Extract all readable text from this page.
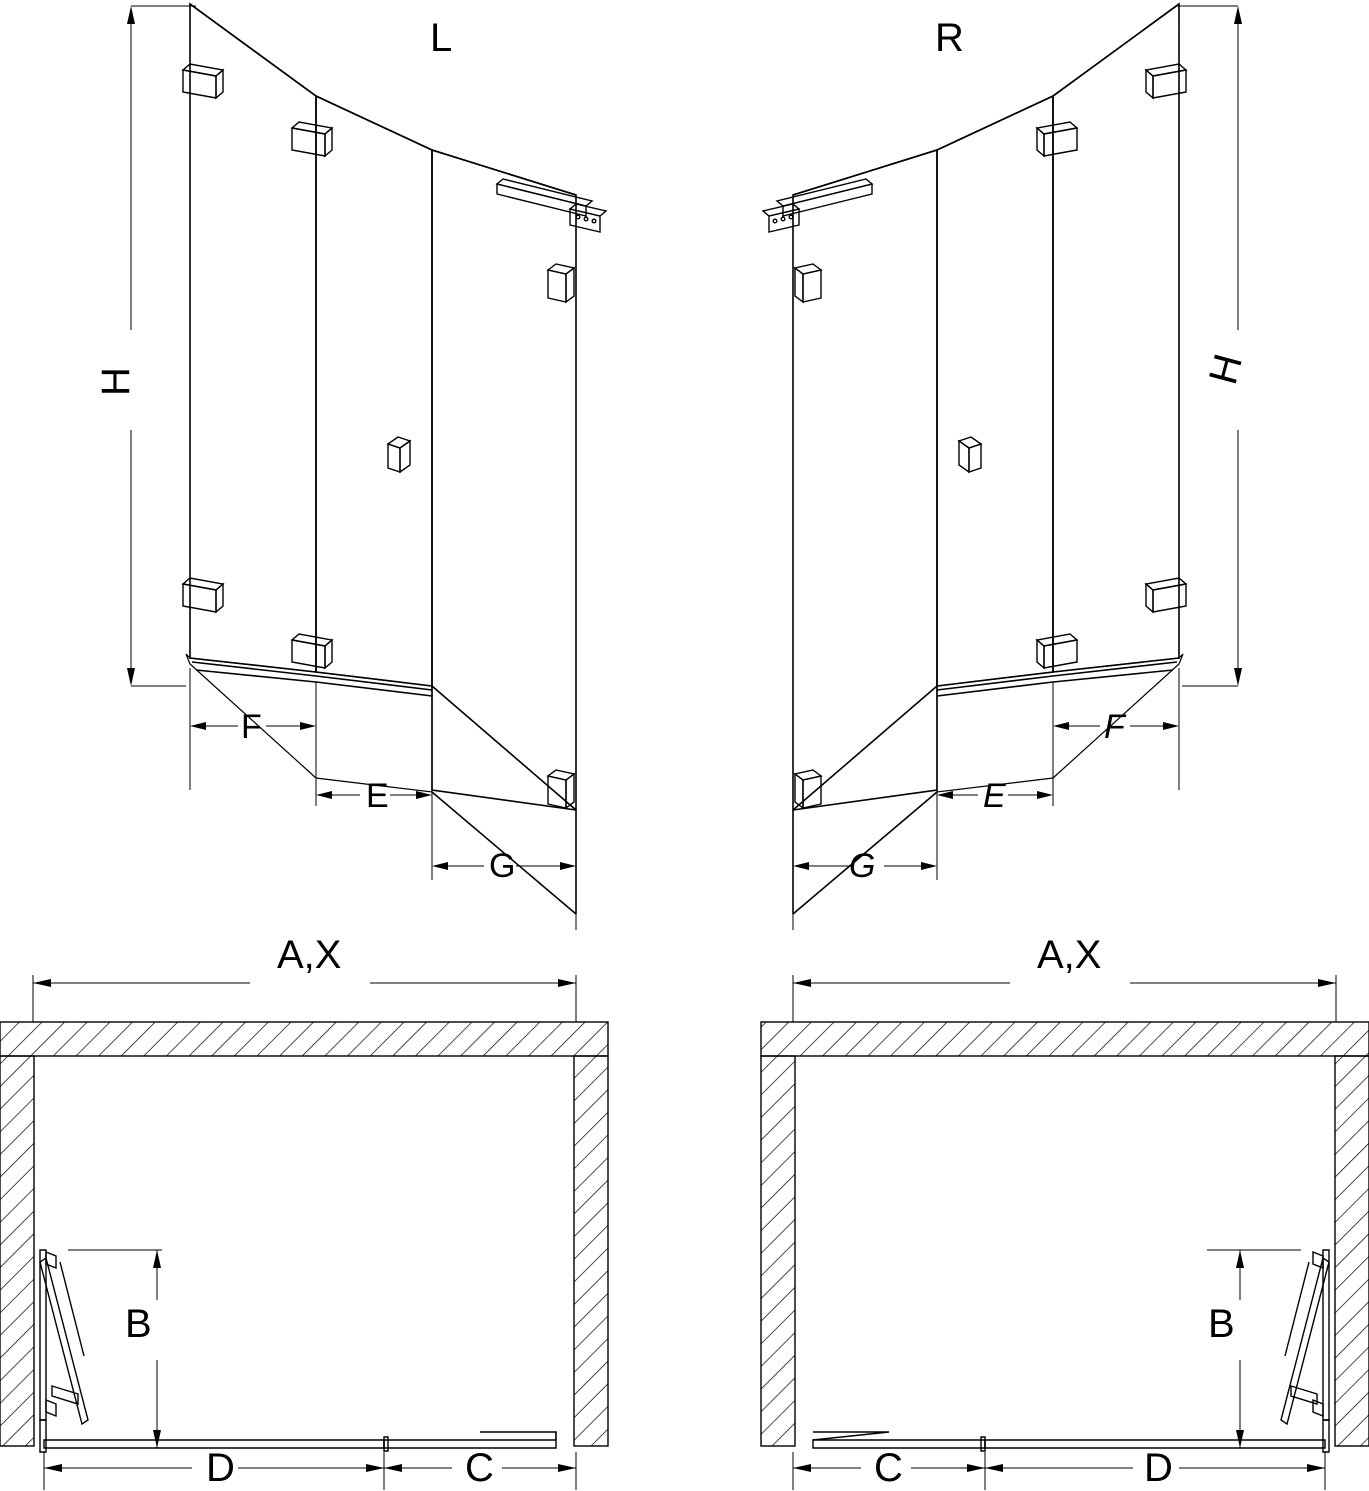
L	R
H	H
F
E
G	G
E
F
A,X	A,X
B	B
D	C	C	D
